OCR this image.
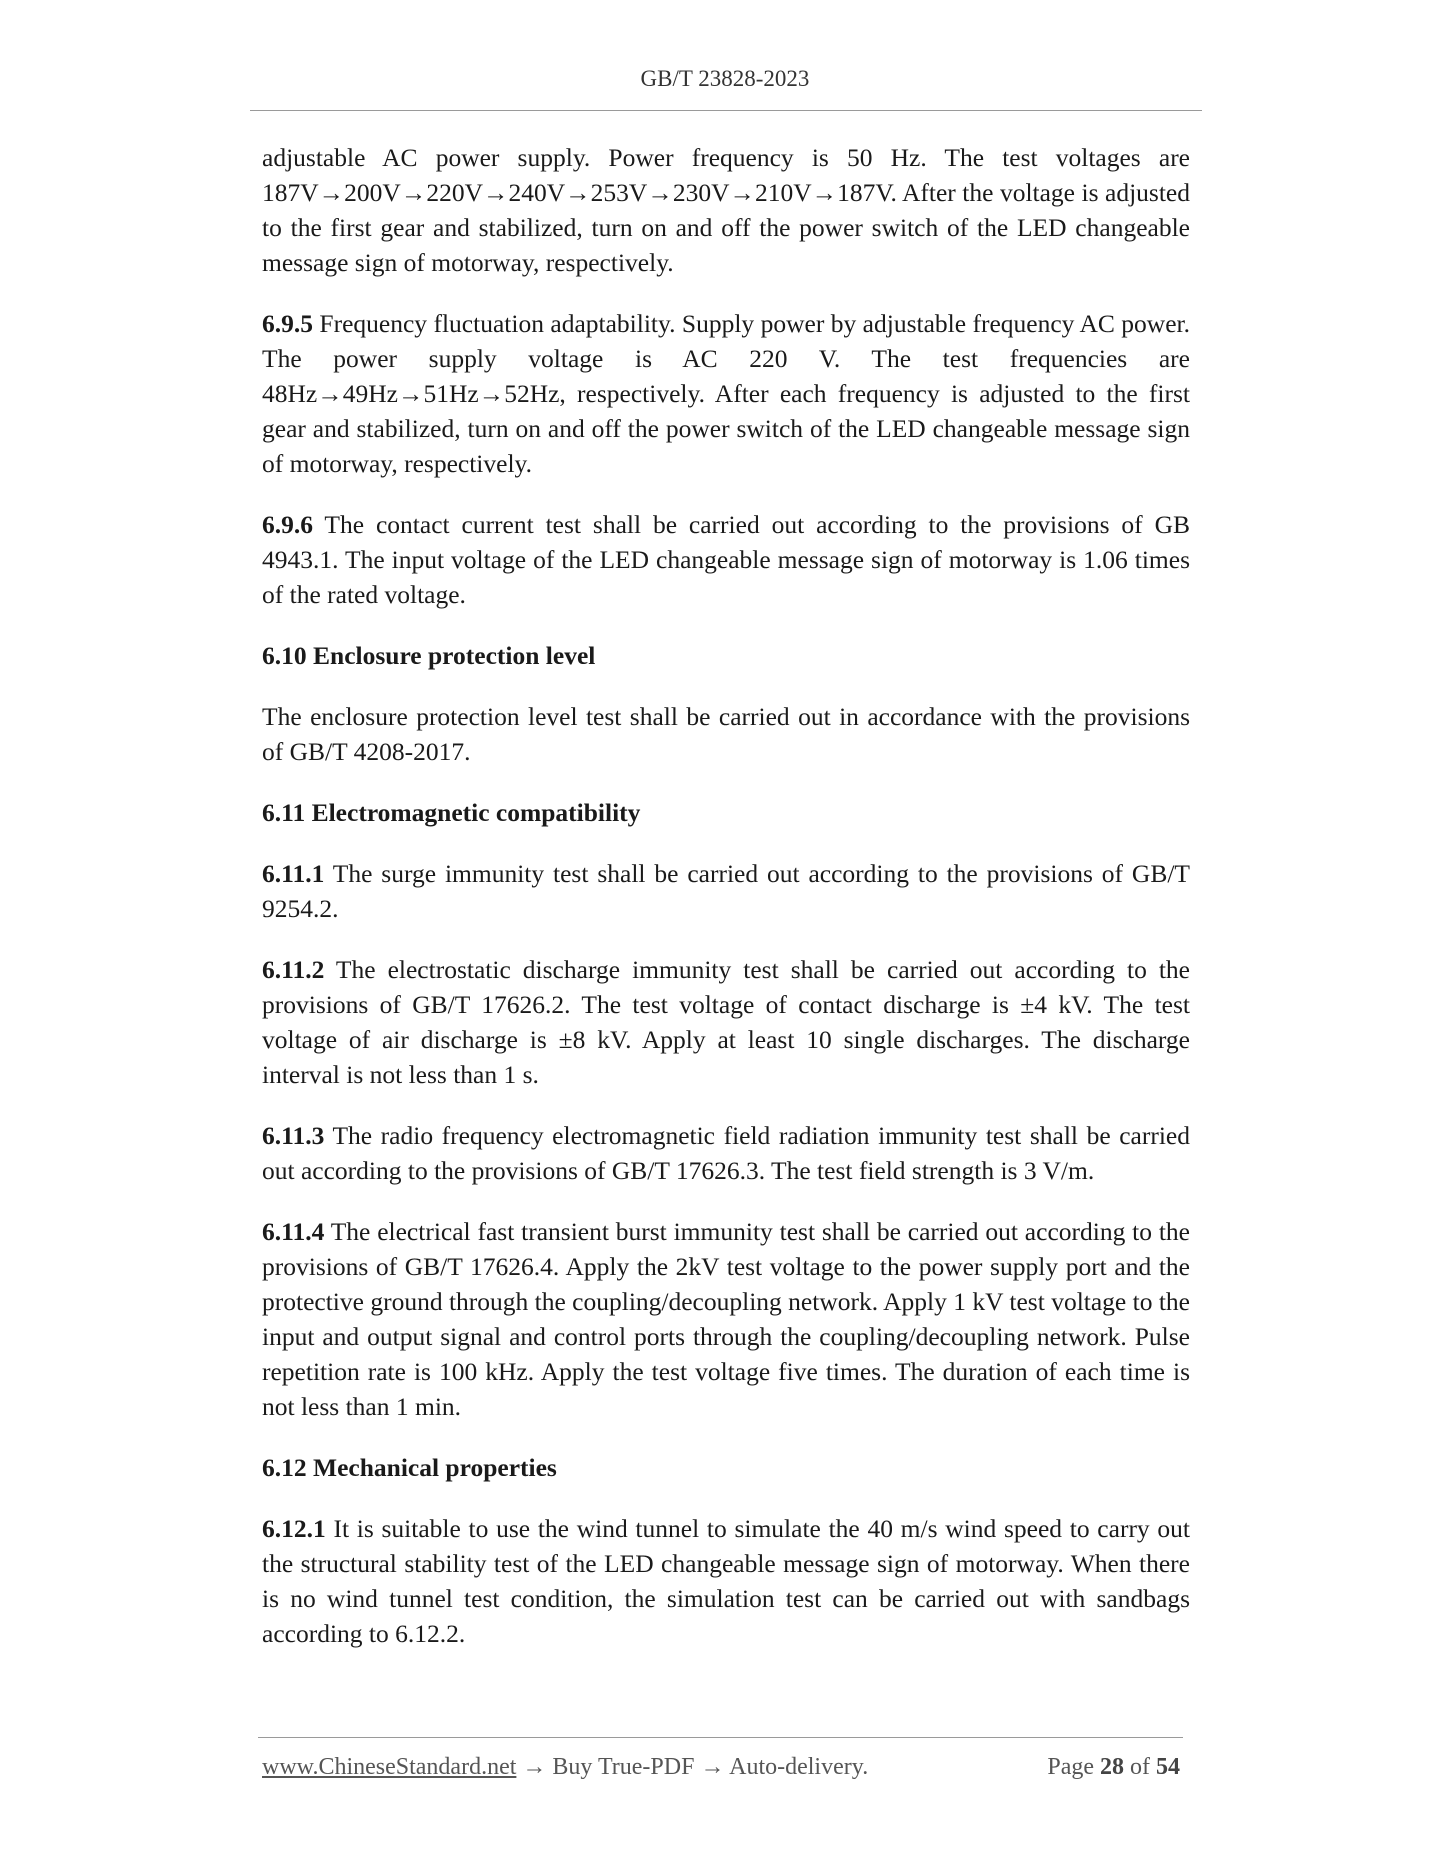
GB/T 23828-2023

adjustable AC power supply. Power frequency is 50 Hz. The test voltages are 187V→200V→220V→240V→253V→230V→210V→187V. After the voltage is adjusted to the first gear and stabilized, turn on and off the power switch of the LED changeable message sign of motorway, respectively.

6.9.5 Frequency fluctuation adaptability. Supply power by adjustable frequency AC power. The power supply voltage is AC 220 V. The test frequencies are 48Hz→49Hz→51Hz→52Hz, respectively. After each frequency is adjusted to the first gear and stabilized, turn on and off the power switch of the LED changeable message sign of motorway, respectively.

6.9.6 The contact current test shall be carried out according to the provisions of GB 4943.1. The input voltage of the LED changeable message sign of motorway is 1.06 times of the rated voltage.

6.10 Enclosure protection level

The enclosure protection level test shall be carried out in accordance with the provisions of GB/T 4208-2017.

6.11 Electromagnetic compatibility

6.11.1 The surge immunity test shall be carried out according to the provisions of GB/T 9254.2.

6.11.2 The electrostatic discharge immunity test shall be carried out according to the provisions of GB/T 17626.2. The test voltage of contact discharge is ±4 kV. The test voltage of air discharge is ±8 kV. Apply at least 10 single discharges. The discharge interval is not less than 1 s.

6.11.3 The radio frequency electromagnetic field radiation immunity test shall be carried out according to the provisions of GB/T 17626.3. The test field strength is 3 V/m.

6.11.4 The electrical fast transient burst immunity test shall be carried out according to the provisions of GB/T 17626.4. Apply the 2kV test voltage to the power supply port and the protective ground through the coupling/decoupling network. Apply 1 kV test voltage to the input and output signal and control ports through the coupling/decoupling network. Pulse repetition rate is 100 kHz. Apply the test voltage five times. The duration of each time is not less than 1 min.

6.12 Mechanical properties

6.12.1 It is suitable to use the wind tunnel to simulate the 40 m/s wind speed to carry out the structural stability test of the LED changeable message sign of motorway. When there is no wind tunnel test condition, the simulation test can be carried out with sandbags according to 6.12.2.

www.ChineseStandard.net → Buy True-PDF → Auto-delivery.	Page 28 of 54
